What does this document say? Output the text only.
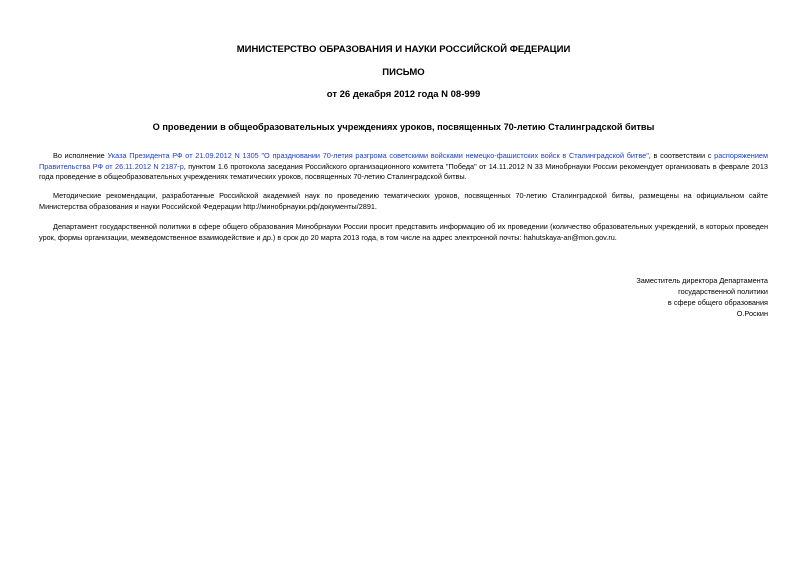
МИНИСТЕРСТВО ОБРАЗОВАНИЯ И НАУКИ РОССИЙСКОЙ ФЕДЕРАЦИИ
ПИСЬМО
от 26 декабря 2012 года N 08-999
О проведении в общеобразовательных учреждениях уроков, посвященных 70-летию Сталинградской битвы
Во исполнение Указа Президента РФ от 21.09.2012 N 1305 "О праздновании 70-летия разгрома советскими войсками немецко-фашистских войск в Сталинградской битве", в соответствии с распоряжением Правительства РФ от 26.11.2012 N 2187-р, пунктом 1.6 протокола заседания Российского организационного комитета "Победа" от 14.11.2012 N 33 Минобрнауки России рекомендует организовать в феврале 2013 года проведение в общеобразовательных учреждениях тематических уроков, посвященных 70-летию Сталинградской битвы.
Методические рекомендации, разработанные Российской академией наук по проведению тематических уроков, посвященных 70-летию Сталинградской битвы, размещены на официальном сайте Министерства образования и науки Российской Федерации http://минобрнауки.рф/документы/2891.
Департамент государственной политики в сфере общего образования Минобрнауки России просит представить информацию об их проведении (количество образовательных учреждений, в которых проведен урок, формы организации, межведомственное взаимодействие и др.) в срок до 20 марта 2013 года, в том числе на адрес электронной почты: hahutskaya-an@mon.gov.ru.
Заместитель директора Департамента
государственной политики
в сфере общего образования
О.Роскин
